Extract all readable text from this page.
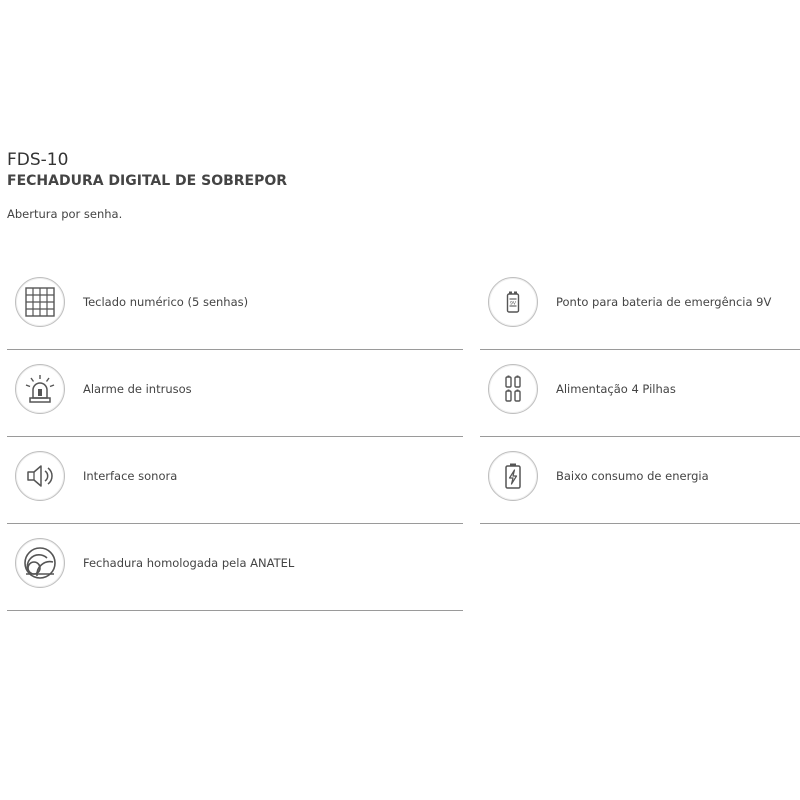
FDS-10
FECHADURA DIGITAL DE SOBREPOR

Abertura por senha.

Teclado numérico (5 senhas)
Alarme de intrusos
Interface sonora
Fechadura homologada pela ANATEL
9V	Ponto para bateria de emergência 9V
Alimentação 4 Pilhas
Baixo consumo de energia
